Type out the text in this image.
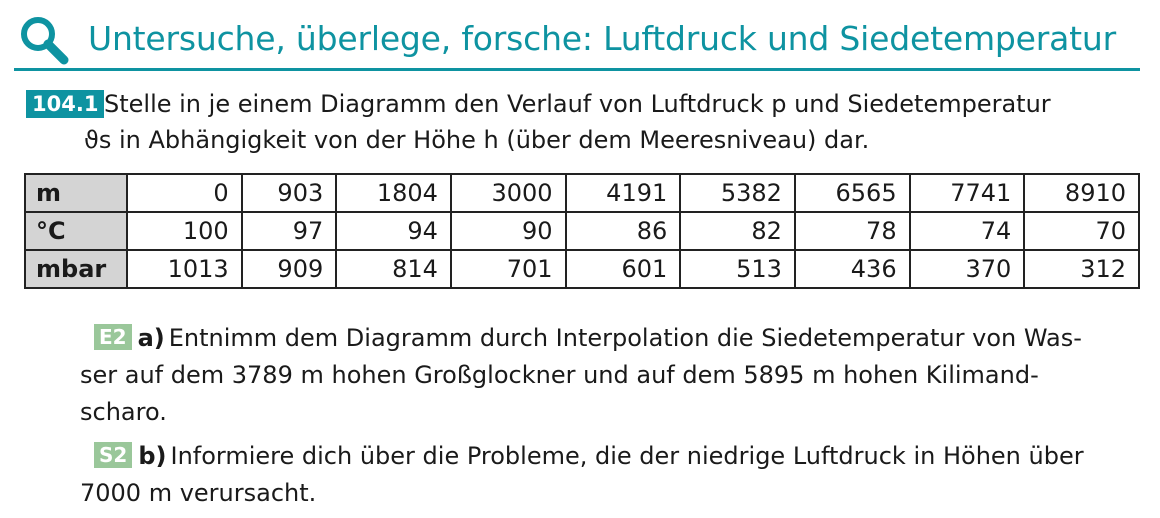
Untersuche, überlege, forsche: Luftdruck und Siedetemperatur
104.1 Stelle in je einem Diagramm den Verlauf von Luftdruck p und Siedetemperatur
ϑs in Abhängigkeit von der Höhe h (über dem Meeresniveau) dar.
m	0	903	1804	3000	4191	5382	6565	7741	8910
°C	100	97	94	90	86	82	78	74	70
mbar	1013	909	814	701	601	513	436	370	312
E2 a) Entnimm dem Diagramm durch Interpolation die Siedetemperatur von Was-
ser auf dem 3789 m hohen Großglockner und auf dem 5895 m hohen Kilimand-
scharo.
S2 b) Informiere dich über die Probleme, die der niedrige Luftdruck in Höhen über
7000 m verursacht.
